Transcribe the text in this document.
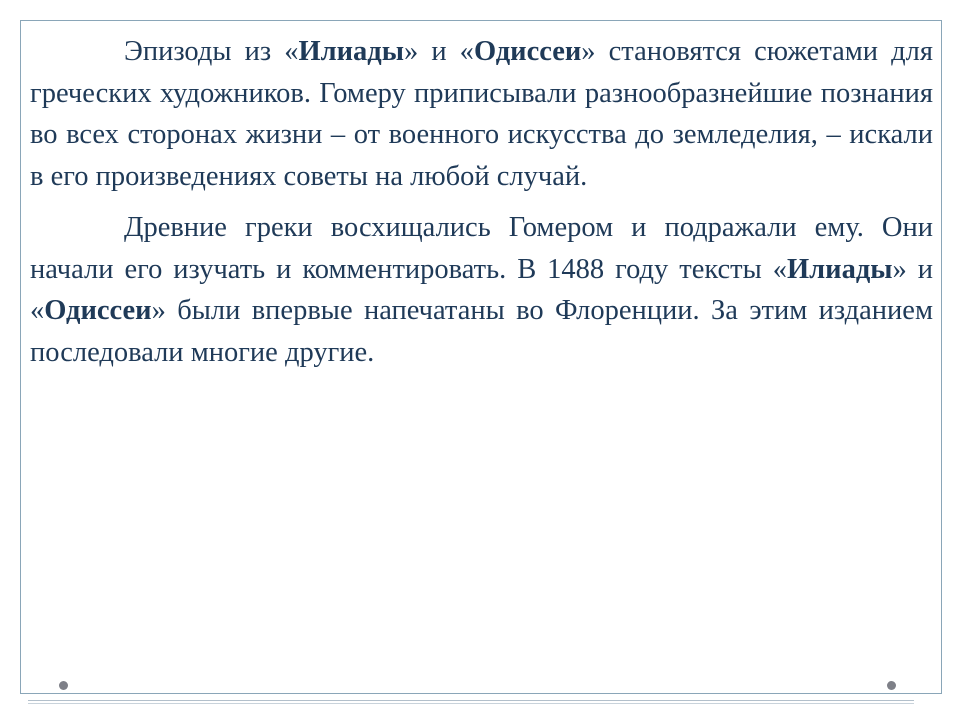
Эпизоды из «Илиады» и «Одиссеи» становятся сюжетами для греческих художников. Гомеру приписывали разнообразнейшие познания во всех сторонах жизни – от военного искусства до земледелия, – искали в его произведениях советы на любой случай.

Древние греки восхищались Гомером и подражали ему. Они начали его изучать и комментировать. В 1488 году тексты «Илиады» и «Одиссеи» были впервые напечатаны во Флоренции. За этим изданием последовали многие другие.
